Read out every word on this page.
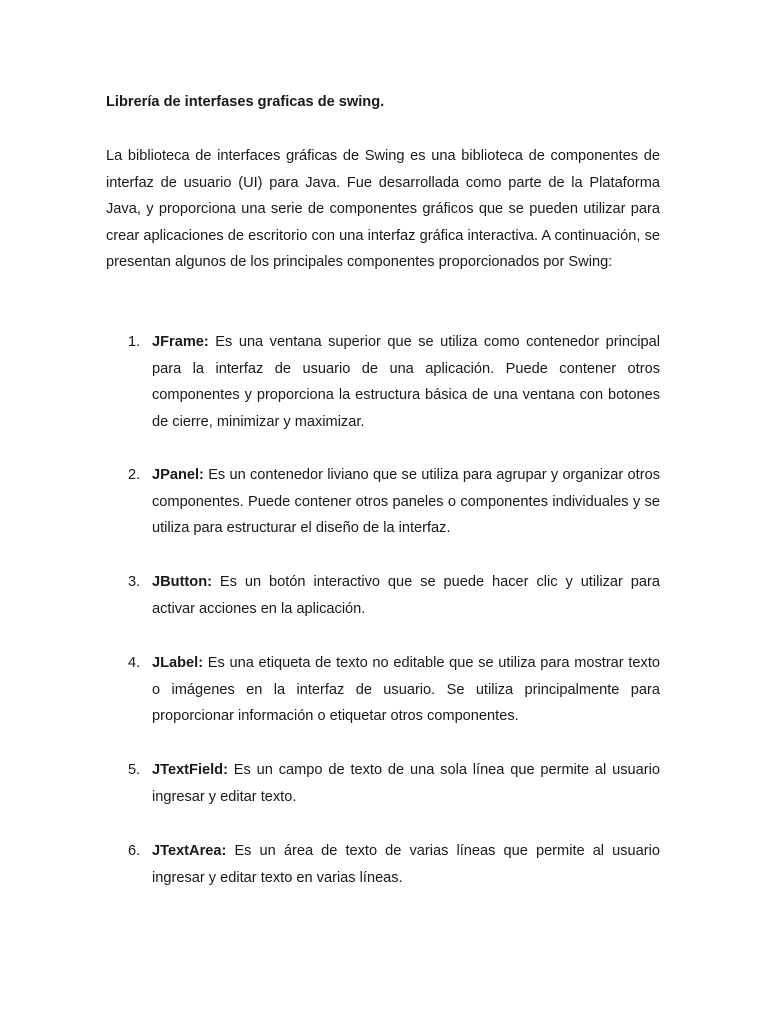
Librería de interfases graficas de swing.

La biblioteca de interfaces gráficas de Swing es una biblioteca de componentes de interfaz de usuario (UI) para Java. Fue desarrollada como parte de la Plataforma Java, y proporciona una serie de componentes gráficos que se pueden utilizar para crear aplicaciones de escritorio con una interfaz gráfica interactiva. A continuación, se presentan algunos de los principales componentes proporcionados por Swing:

1. JFrame: Es una ventana superior que se utiliza como contenedor principal para la interfaz de usuario de una aplicación. Puede contener otros componentes y proporciona la estructura básica de una ventana con botones de cierre, minimizar y maximizar.
2. JPanel: Es un contenedor liviano que se utiliza para agrupar y organizar otros componentes. Puede contener otros paneles o componentes individuales y se utiliza para estructurar el diseño de la interfaz.
3. JButton: Es un botón interactivo que se puede hacer clic y utilizar para activar acciones en la aplicación.
4. JLabel: Es una etiqueta de texto no editable que se utiliza para mostrar texto o imágenes en la interfaz de usuario. Se utiliza principalmente para proporcionar información o etiquetar otros componentes.
5. JTextField: Es un campo de texto de una sola línea que permite al usuario ingresar y editar texto.
6. JTextArea: Es un área de texto de varias líneas que permite al usuario ingresar y editar texto en varias líneas.
